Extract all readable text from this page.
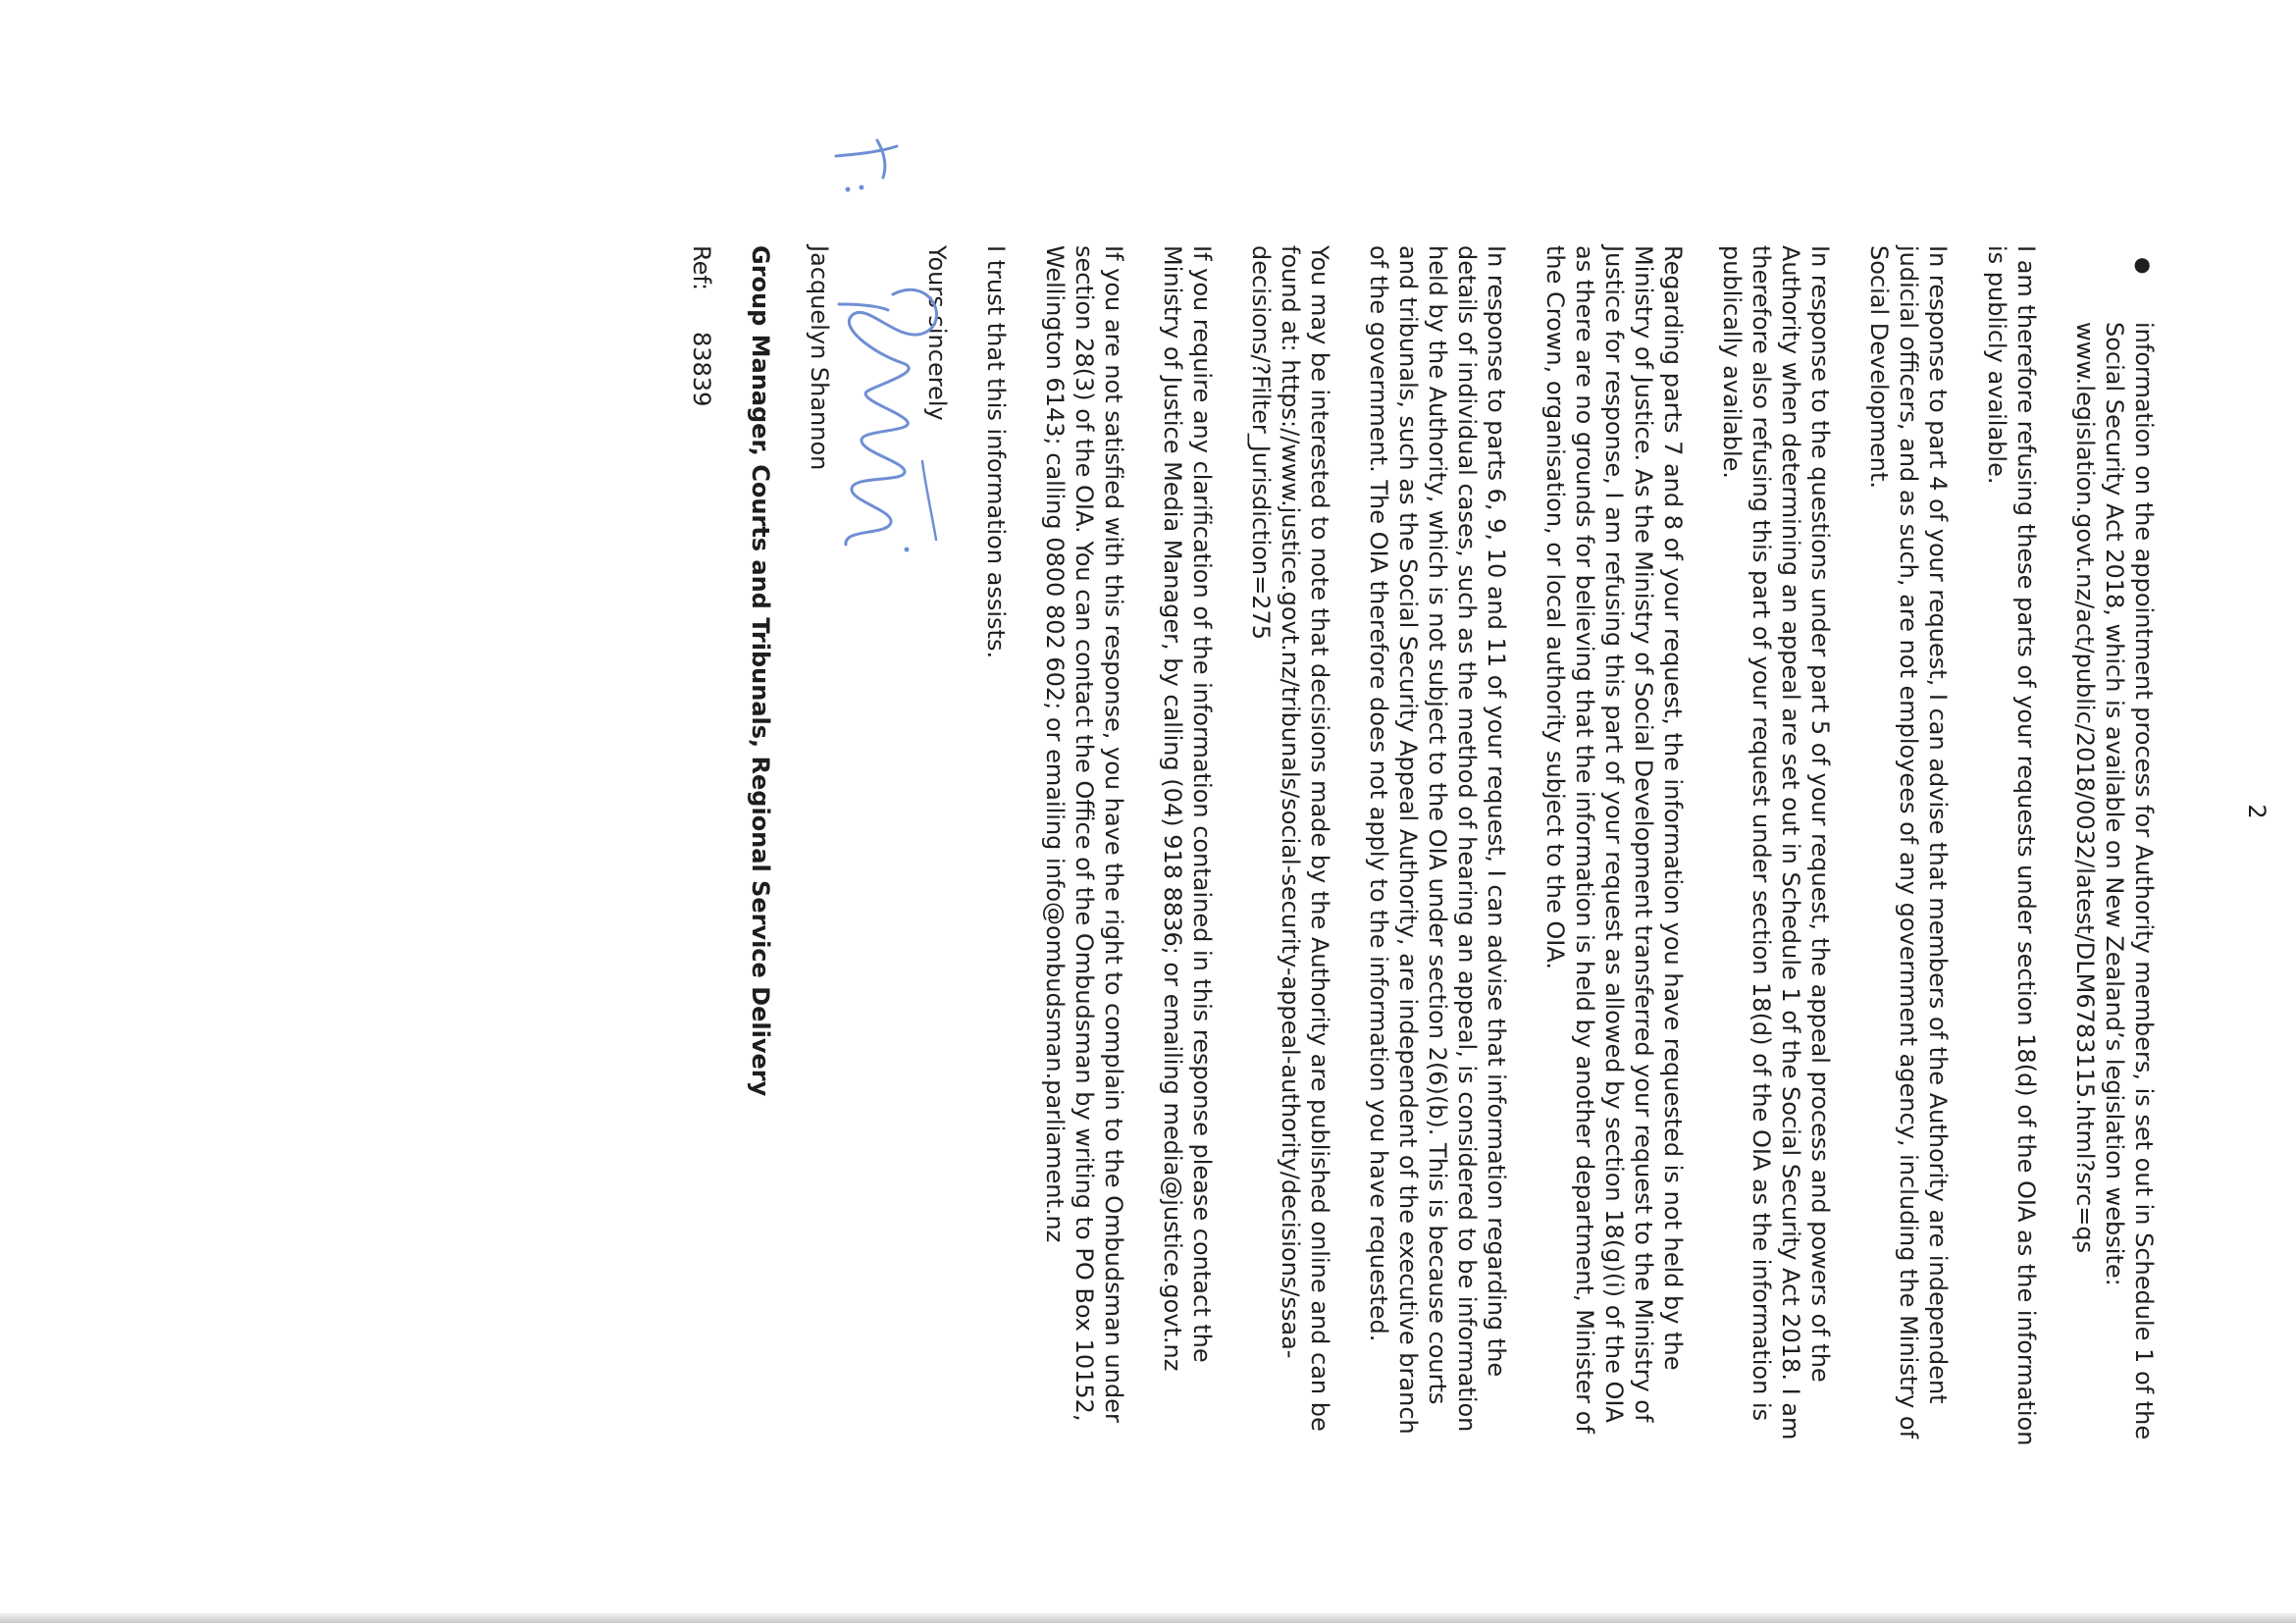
2
●
information on the appointment process for Authority members, is set out in Schedule 1 of the Social Security Act 2018, which is available on New Zealand’s legislation website: www.legislation.govt.nz/act/public/2018/0032/latest/DLM6783115.html?src=qs

I am therefore refusing these parts of your requests under section 18(d) of the OIA as the information is publicly available.

In response to part 4 of your request, I can advise that members of the Authority are independent judicial officers, and as such, are not employees of any government agency, including the Ministry of Social Development.

In response to the questions under part 5 of your request, the appeal process and powers of the Authority when determining an appeal are set out in Schedule 1 of the Social Security Act 2018. I am therefore also refusing this part of your request under section 18(d) of the OIA as the information is publically available.

Regarding parts 7 and 8 of your request, the information you have requested is not held by the Ministry of Justice. As the Ministry of Social Development transferred your request to the Ministry of Justice for response, I am refusing this part of your request as allowed by section 18(g)(i) of the OIA as there are no grounds for believing that the information is held by another department, Minister of the Crown, organisation, or local authority subject to the OIA.

In response to parts 6, 9, 10 and 11 of your request, I can advise that information regarding the details of individual cases, such as the method of hearing an appeal, is considered to be information held by the Authority, which is not subject to the OIA under section 2(6)(b). This is because courts and tribunals, such as the Social Security Appeal Authority, are independent of the executive branch of the government. The OIA therefore does not apply to the information you have requested.

You may be interested to note that decisions made by the Authority are published online and can be found at: https://www.justice.govt.nz/tribunals/social-security-appeal-authority/decisions/ssaa-decisions/?Filter_Jurisdiction=275

If you require any clarification of the information contained in this response please contact the Ministry of Justice Media Manager, by calling (04) 918 8836; or emailing media@justice.govt.nz

If you are not satisfied with this response, you have the right to complain to the Ombudsman under section 28(3) of the OIA. You can contact the Office of the Ombudsman by writing to PO Box 10152, Wellington 6143; calling 0800 802 602; or emailing info@ombudsman.parliament.nz

I trust that this information assists.

Yours sincerely

Jacquelyn Shannon

Group Manager, Courts and Tribunals, Regional Service Delivery

Ref:
83839
